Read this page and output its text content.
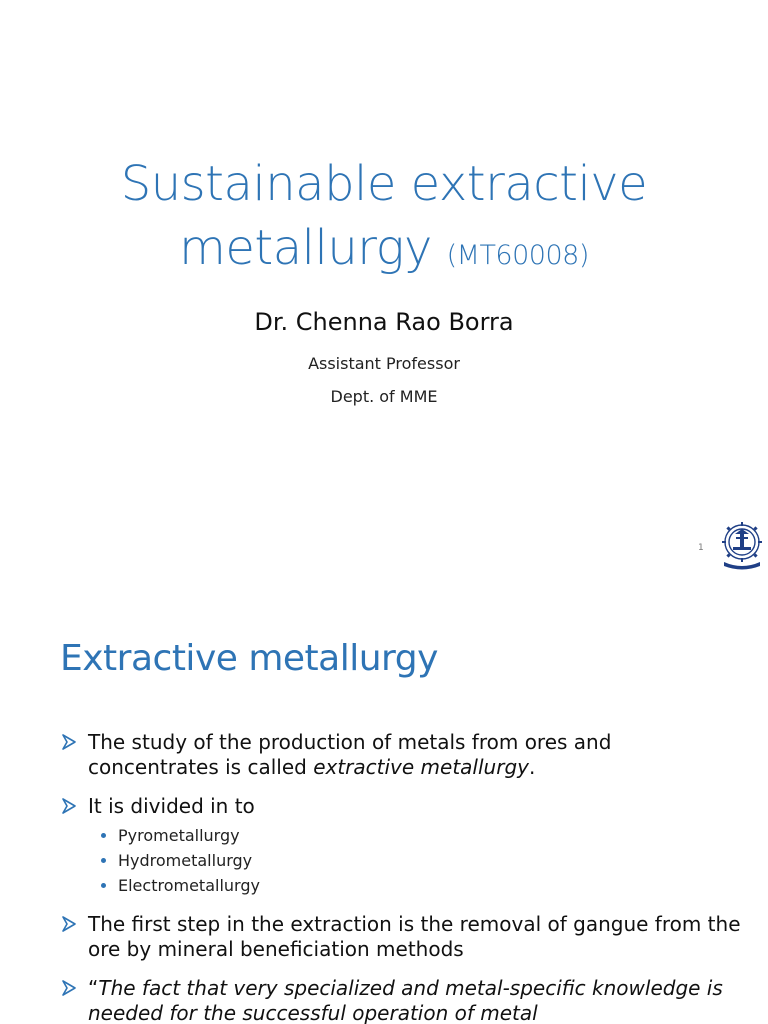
Sustainable extractive
metallurgy (MT60008)
Dr. Chenna Rao Borra
Assistant Professor
Dept. of MME
1
Extractive metallurgy
The study of the production of metals from ores and concentrates is called extractive metallurgy.
It is divided in to
Pyrometallurgy
Hydrometallurgy
Electrometallurgy
The first step in the extraction is the removal of gangue from the ore by mineral beneficiation methods
“The fact that very specialized and metal-specific knowledge is needed for the successful operation of metal
